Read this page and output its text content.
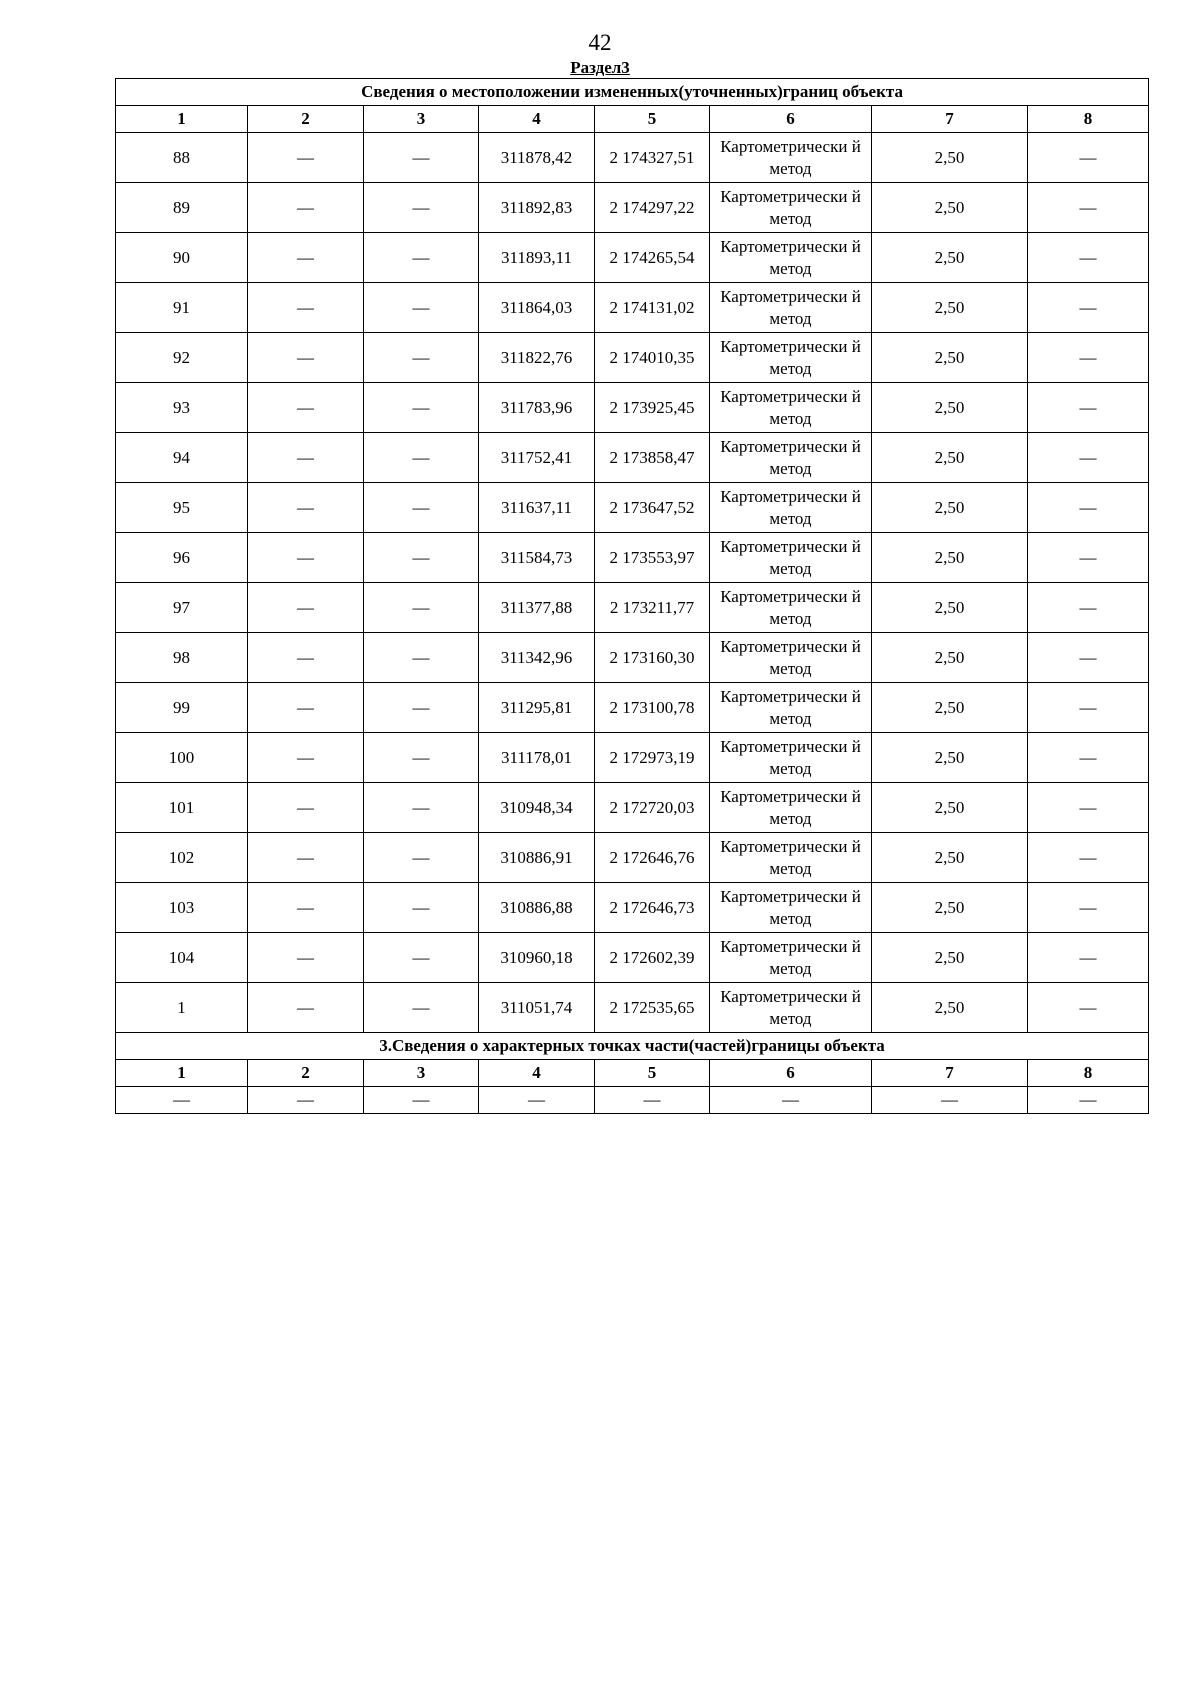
42
Раздел3
Сведения о местоположении измененных(уточненных)границ объекта							
1	2	3	4	5	6	7	8
88	—	—	311878,42	2 174327,51	Картометрически й метод	2,50	—
89	—	—	311892,83	2 174297,22	Картометрически й метод	2,50	—
90	—	—	311893,11	2 174265,54	Картометрически й метод	2,50	—
91	—	—	311864,03	2 174131,02	Картометрически й метод	2,50	—
92	—	—	311822,76	2 174010,35	Картометрически й метод	2,50	—
93	—	—	311783,96	2 173925,45	Картометрически й метод	2,50	—
94	—	—	311752,41	2 173858,47	Картометрически й метод	2,50	—
95	—	—	311637,11	2 173647,52	Картометрически й метод	2,50	—
96	—	—	311584,73	2 173553,97	Картометрически й метод	2,50	—
97	—	—	311377,88	2 173211,77	Картометрически й метод	2,50	—
98	—	—	311342,96	2 173160,30	Картометрически й метод	2,50	—
99	—	—	311295,81	2 173100,78	Картометрически й метод	2,50	—
100	—	—	311178,01	2 172973,19	Картометрически й метод	2,50	—
101	—	—	310948,34	2 172720,03	Картометрически й метод	2,50	—
102	—	—	310886,91	2 172646,76	Картометрически й метод	2,50	—
103	—	—	310886,88	2 172646,73	Картометрически й метод	2,50	—
104	—	—	310960,18	2 172602,39	Картометрически й метод	2,50	—
1	—	—	311051,74	2 172535,65	Картометрически й метод	2,50	—
3.Сведения о характерных точках части(частей)границы объекта							
1	2	3	4	5	6	7	8
—	—	—	—	—	—	—	—
